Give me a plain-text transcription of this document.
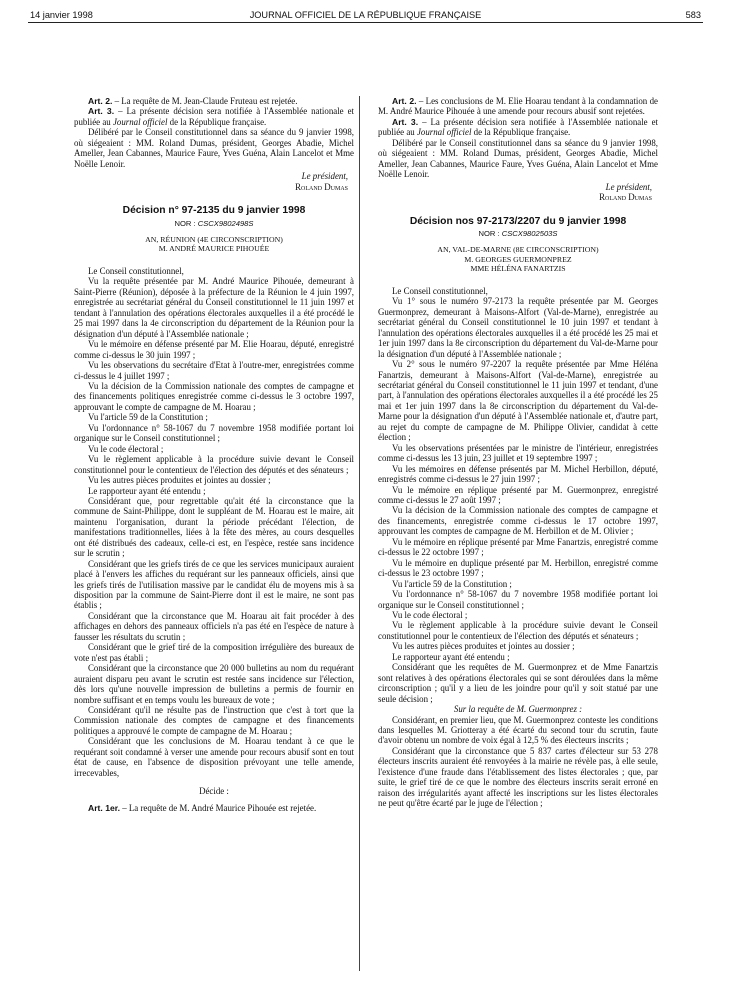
14 janvier 1998	JOURNAL OFFICIEL DE LA RÉPUBLIQUE FRANÇAISE	583

Art. 2. – La requête de M. Jean-Claude Fruteau est rejetée.

Art. 3. – La présente décision sera notifiée à l'Assemblée nationale et publiée au Journal officiel de la République française.

Délibéré par le Conseil constitutionnel dans sa séance du 9 janvier 1998, où siégeaient : MM. Roland Dumas, président, Georges Abadie, Michel Ameller, Jean Cabannes, Maurice Faure, Yves Guéna, Alain Lancelot et Mme Noëlle Lenoir.

Le président,
Roland Dumas
Décision n° 97-2135 du 9 janvier 1998
NOR : CSCX9802498S
AN, RÉUNION (4E CIRCONSCRIPTION)
M. ANDRÉ MAURICE PIHOUÉE

Le Conseil constitutionnel,

Vu la requête présentée par M. André Maurice Pihouée, demeurant à Saint-Pierre (Réunion), déposée à la préfecture de la Réunion le 4 juin 1997, enregistrée au secrétariat général du Conseil constitutionnel le 11 juin 1997 et tendant à l'annulation des opérations électorales auxquelles il a été procédé le 25 mai 1997 dans la 4e circonscription du département de la Réunion pour la désignation d'un député à l'Assemblée nationale ;

Vu le mémoire en défense présenté par M. Elie Hoarau, député, enregistré comme ci-dessus le 30 juin 1997 ;

Vu les observations du secrétaire d'Etat à l'outre-mer, enregistrées comme ci-dessus le 4 juillet 1997 ;

Vu la décision de la Commission nationale des comptes de campagne et des financements politiques enregistrée comme ci-dessus le 3 octobre 1997, approuvant le compte de campagne de M. Hoarau ;

Vu l'article 59 de la Constitution ;

Vu l'ordonnance n° 58-1067 du 7 novembre 1958 modifiée portant loi organique sur le Conseil constitutionnel ;

Vu le code électoral ;

Vu le règlement applicable à la procédure suivie devant le Conseil constitutionnel pour le contentieux de l'élection des députés et des sénateurs ;

Vu les autres pièces produites et jointes au dossier ;

Le rapporteur ayant été entendu ;

Considérant que, pour regrettable qu'ait été la circonstance que la commune de Saint-Philippe, dont le suppléant de M. Hoarau est le maire, ait maintenu l'organisation, durant la période précédant l'élection, de manifestations traditionnelles, liées à la fête des mères, au cours desquelles ont été distribués des cadeaux, celle-ci est, en l'espèce, restée sans incidence sur le scrutin ;

Considérant que les griefs tirés de ce que les services municipaux auraient placé à l'envers les affiches du requérant sur les panneaux officiels, ainsi que les griefs tirés de l'utilisation massive par le candidat élu de moyens mis à sa disposition par la commune de Saint-Pierre dont il est le maire, ne sont pas établis ;

Considérant que la circonstance que M. Hoarau ait fait procéder à des affichages en dehors des panneaux officiels n'a pas été en l'espèce de nature à fausser les résultats du scrutin ;

Considérant que le grief tiré de la composition irrégulière des bureaux de vote n'est pas établi ;

Considérant que la circonstance que 20 000 bulletins au nom du requérant auraient disparu peu avant le scrutin est restée sans incidence sur l'élection, dès lors qu'une nouvelle impression de bulletins a permis de fournir en nombre suffisant et en temps voulu les bureaux de vote ;

Considérant qu'il ne résulte pas de l'instruction que c'est à tort que la Commission nationale des comptes de campagne et des financements politiques a approuvé le compte de campagne de M. Hoarau ;

Considérant que les conclusions de M. Hoarau tendant à ce que le requérant soit condamné à verser une amende pour recours abusif sont en tout état de cause, en l'absence de disposition prévoyant une telle amende, irrecevables,

Décide :

Art. 1er. – La requête de M. André Maurice Pihouée est rejetée.

Art. 2. – Les conclusions de M. Elie Hoarau tendant à la condamnation de M. André Maurice Pihouée à une amende pour recours abusif sont rejetées.

Art. 3. – La présente décision sera notifiée à l'Assemblée nationale et publiée au Journal officiel de la République française.

Délibéré par le Conseil constitutionnel dans sa séance du 9 janvier 1998, où siégeaient : MM. Roland Dumas, président, Georges Abadie, Michel Ameller, Jean Cabannes, Maurice Faure, Yves Guéna, Alain Lancelot et Mme Noëlle Lenoir.

Le président,
Roland Dumas
Décision nos 97-2173/2207 du 9 janvier 1998
NOR : CSCX9802503S
AN, VAL-DE-MARNE (8E CIRCONSCRIPTION)
M. GEORGES GUERMONPREZ
MME HÉLÉNA FANARTZIS

Le Conseil constitutionnel,

Vu 1° sous le numéro 97-2173 la requête présentée par M. Georges Guermonprez, demeurant à Maisons-Alfort (Val-de-Marne), enregistrée au secrétariat général du Conseil constitutionnel le 10 juin 1997 et tendant à l'annulation des opérations électorales auxquelles il a été procédé les 25 mai et 1er juin 1997 dans la 8e circonscription du département du Val-de-Marne pour la désignation d'un député à l'Assemblée nationale ;

Vu 2° sous le numéro 97-2207 la requête présentée par Mme Héléna Fanartzis, demeurant à Maisons-Alfort (Val-de-Marne), enregistrée au secrétariat général du Conseil constitutionnel le 11 juin 1997 et tendant, d'une part, à l'annulation des opérations électorales auxquelles il a été procédé les 25 mai et 1er juin 1997 dans la 8e circonscription du département du Val-de-Marne pour la désignation d'un député à l'Assemblée nationale et, d'autre part, au rejet du compte de campagne de M. Philippe Olivier, candidat à cette élection ;

Vu les observations présentées par le ministre de l'intérieur, enregistrées comme ci-dessus les 13 juin, 23 juillet et 19 septembre 1997 ;

Vu les mémoires en défense présentés par M. Michel Herbillon, député, enregistrés comme ci-dessus le 27 juin 1997 ;

Vu le mémoire en réplique présenté par M. Guermonprez, enregistré comme ci-dessus le 27 août 1997 ;

Vu la décision de la Commission nationale des comptes de campagne et des financements, enregistrée comme ci-dessus le 17 octobre 1997, approuvant les comptes de campagne de M. Herbillon et de M. Olivier ;

Vu le mémoire en réplique présenté par Mme Fanartzis, enregistré comme ci-dessus le 22 octobre 1997 ;

Vu le mémoire en duplique présenté par M. Herbillon, enregistré comme ci-dessus le 23 octobre 1997 ;

Vu l'article 59 de la Constitution ;

Vu l'ordonnance n° 58-1067 du 7 novembre 1958 modifiée portant loi organique sur le Conseil constitutionnel ;

Vu le code électoral ;

Vu le règlement applicable à la procédure suivie devant le Conseil constitutionnel pour le contentieux de l'élection des députés et sénateurs ;

Vu les autres pièces produites et jointes au dossier ;

Le rapporteur ayant été entendu ;

Considérant que les requêtes de M. Guermonprez et de Mme Fanartzis sont relatives à des opérations électorales qui se sont déroulées dans la même circonscription ; qu'il y a lieu de les joindre pour qu'il y soit statué par une seule décision ;

Sur la requête de M. Guermonprez :

Considérant, en premier lieu, que M. Guermonprez conteste les conditions dans lesquelles M. Griotteray a été écarté du second tour du scrutin, faute d'avoir obtenu un nombre de voix égal à 12,5 % des électeurs inscrits ;

Considérant que la circonstance que 5 837 cartes d'électeur sur 53 278 électeurs inscrits auraient été renvoyées à la mairie ne révèle pas, à elle seule, l'existence d'une fraude dans l'établissement des listes électorales ; que, par suite, le grief tiré de ce que le nombre des électeurs inscrits serait erroné en raison des irrégularités ayant affecté les inscriptions sur les listes électorales ne peut qu'être écarté par le juge de l'élection ;
